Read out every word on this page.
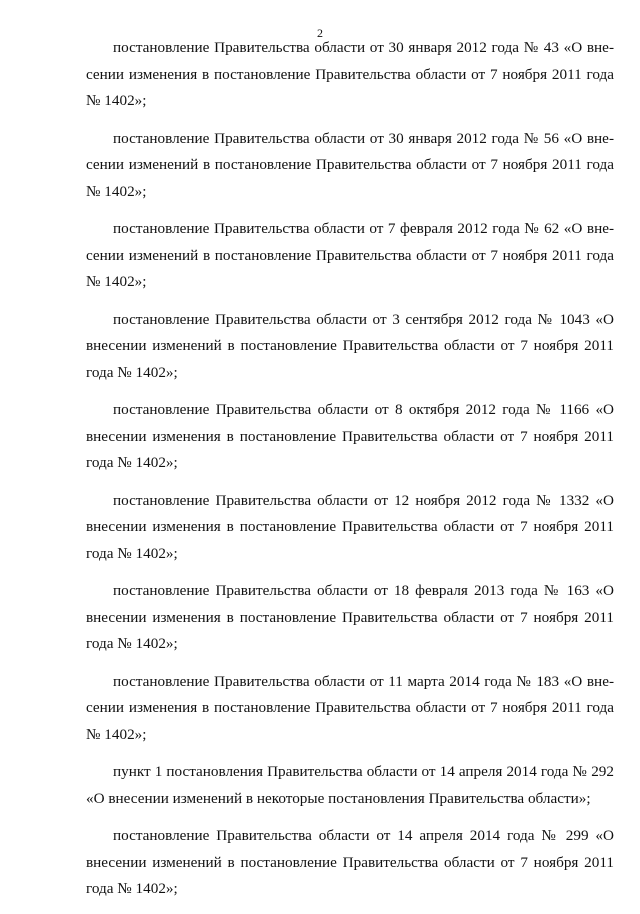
2

постановление Правительства области от 30 января 2012 года № 43 «О внесении изменения в постановление Правительства области от 7 ноября 2011 года № 1402»;

постановление Правительства области от 30 января 2012 года № 56 «О внесении изменений в постановление Правительства области от 7 ноября 2011 года № 1402»;

постановление Правительства области от 7 февраля 2012 года № 62 «О внесении изменений в постановление Правительства области от 7 ноября 2011 года № 1402»;

постановление Правительства области от 3 сентября 2012 года № 1043 «О внесении изменений в постановление Правительства области от 7 ноября 2011 года № 1402»;

постановление Правительства области от 8 октября 2012 года № 1166 «О внесении изменения в постановление Правительства области от 7 ноября 2011 года № 1402»;

постановление Правительства области от 12 ноября 2012 года № 1332 «О внесении изменения в постановление Правительства области от 7 ноября 2011 года № 1402»;

постановление Правительства области от 18 февраля 2013 года № 163 «О внесении изменения в постановление Правительства области от 7 ноября 2011 года № 1402»;

постановление Правительства области от 11 марта 2014 года № 183 «О внесении изменения в постановление Правительства области от 7 ноября 2011 года № 1402»;

пункт 1 постановления Правительства области от 14 апреля 2014 года № 292 «О внесении изменений в некоторые постановления Правительства области»;

постановление Правительства области от 14 апреля 2014 года № 299 «О внесении изменений в постановление Правительства области от 7 ноября 2011 года № 1402»;
